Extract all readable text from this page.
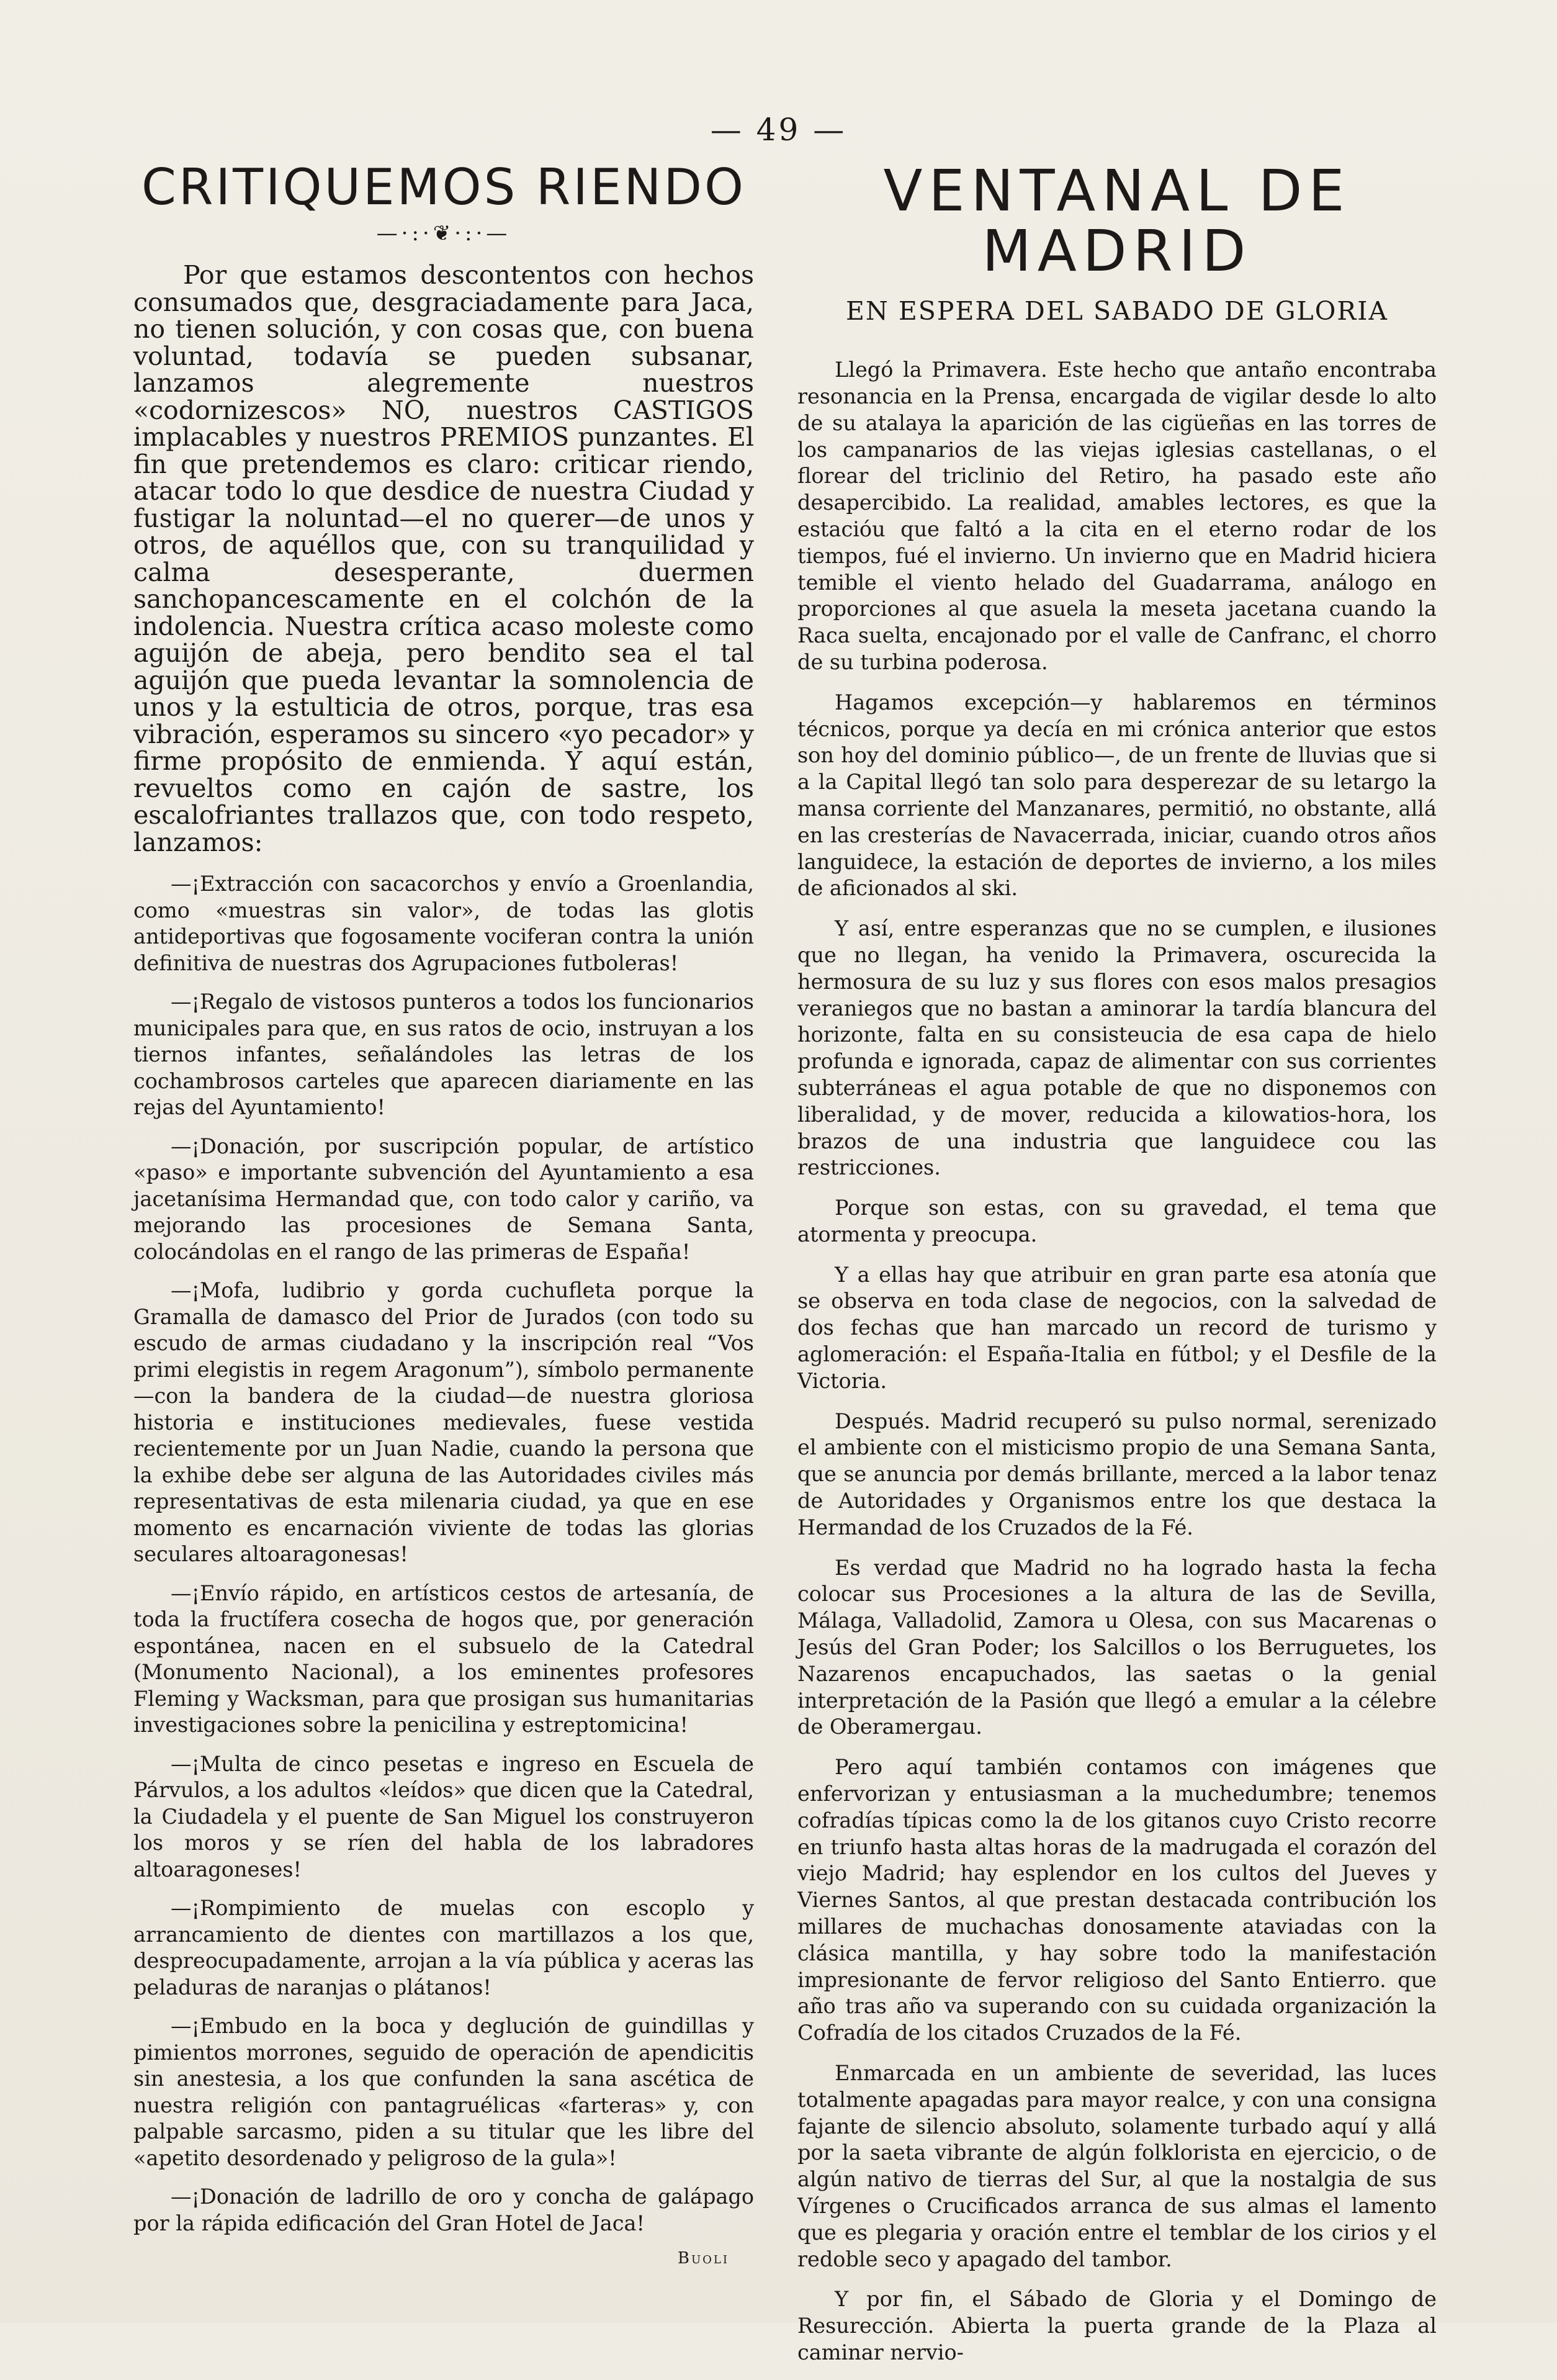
— 49 —
CRITIQUEMOS RIENDO
—·:·❦·:·—

Por que estamos descontentos con hechos consumados que, desgraciadamente para Jaca, no tienen solución, y con cosas que, con buena voluntad, todavía se pueden subsanar, lanzamos alegremente nuestros «codornizescos» NO, nuestros CASTIGOS implacables y nuestros PREMIOS punzantes. El fin que pretendemos es claro: criticar riendo, atacar todo lo que desdice de nuestra Ciudad y fustigar la noluntad—el no querer—de unos y otros, de aquéllos que, con su tranquilidad y calma desesperante, duermen sanchopancescamente en el colchón de la indolencia. Nuestra crítica acaso moleste como aguijón de abeja, pero bendito sea el tal aguijón que pueda levantar la somnolencia de unos y la estulticia de otros, porque, tras esa vibración, esperamos su sincero «yo pecador» y firme propósito de enmienda. Y aquí están, revueltos como en cajón de sastre, los escalofriantes trallazos que, con todo respeto, lanzamos:

—¡Extracción con sacacorchos y envío a Groenlandia, como «muestras sin valor», de todas las glotis antideportivas que fogosamente vociferan contra la unión definitiva de nuestras dos Agrupaciones futboleras!

—¡Regalo de vistosos punteros a todos los funcionarios municipales para que, en sus ratos de ocio, instruyan a los tiernos infantes, señalándoles las letras de los cochambrosos carteles que aparecen diariamente en las rejas del Ayuntamiento!

—¡Donación, por suscripción popular, de artístico «paso» e importante subvención del Ayuntamiento a esa jacetanísima Hermandad que, con todo calor y cariño, va mejorando las procesiones de Semana Santa, colocándolas en el rango de las primeras de España!

—¡Mofa, ludibrio y gorda cuchufleta porque la Gramalla de damasco del Prior de Jurados (con todo su escudo de armas ciudadano y la inscripción real “Vos primi elegistis in regem Aragonum”), símbolo permanente—con la bandera de la ciudad—de nuestra gloriosa historia e instituciones medievales, fuese vestida recientemente por un Juan Nadie, cuando la persona que la exhibe debe ser alguna de las Autoridades civiles más representativas de esta milenaria ciudad, ya que en ese momento es encarnación viviente de todas las glorias seculares altoaragonesas!

—¡Envío rápido, en artísticos cestos de artesanía, de toda la fructífera cosecha de hogos que, por generación espontánea, nacen en el subsuelo de la Catedral (Monumento Nacional), a los eminentes profesores Fleming y Wacksman, para que prosigan sus humanitarias investigaciones sobre la penicilina y estreptomicina!

—¡Multa de cinco pesetas e ingreso en Escuela de Párvulos, a los adultos «leídos» que dicen que la Catedral, la Ciudadela y el puente de San Miguel los construyeron los moros y se ríen del habla de los labradores altoaragoneses!

—¡Rompimiento de muelas con escoplo y arrancamiento de dientes con martillazos a los que, despreocupadamente, arrojan a la vía pública y aceras las peladuras de naranjas o plátanos!

—¡Embudo en la boca y deglución de guindillas y pimientos morrones, seguido de operación de apendicitis sin anestesia, a los que confunden la sana ascética de nuestra religión con pantagruélicas «farteras» y, con palpable sarcasmo, piden a su titular que les libre del «apetito desordenado y peligroso de la gula»!

—¡Donación de ladrillo de oro y concha de galápago por la rápida edificación del Gran Hotel de Jaca!

Buoli
VENTANAL DE MADRID
EN ESPERA DEL SABADO DE GLORIA

Llegó la Primavera. Este hecho que antaño encontraba resonancia en la Prensa, encargada de vigilar desde lo alto de su atalaya la aparición de las cigüeñas en las torres de los campanarios de las viejas iglesias castellanas, o el florear del triclinio del Retiro, ha pasado este año desapercibido. La realidad, amables lectores, es que la estacióu que faltó a la cita en el eterno rodar de los tiempos, fué el invierno. Un invierno que en Madrid hiciera temible el viento helado del Guadarrama, análogo en proporciones al que asuela la meseta jacetana cuando la Raca suelta, encajonado por el valle de Canfranc, el chorro de su turbina poderosa.

Hagamos excepción—y hablaremos en términos técnicos, porque ya decía en mi crónica anterior que estos son hoy del dominio público—, de un frente de lluvias que si a la Capital llegó tan solo para desperezar de su letargo la mansa corriente del Manzanares, permitió, no obstante, allá en las cresterías de Navacerrada, iniciar, cuando otros años languidece, la estación de deportes de invierno, a los miles de aficionados al ski.

Y así, entre esperanzas que no se cumplen, e ilusiones que no llegan, ha venido la Primavera, oscurecida la hermosura de su luz y sus flores con esos malos presagios veraniegos que no bastan a aminorar la tardía blancura del horizonte, falta en su consisteucia de esa capa de hielo profunda e ignorada, capaz de alimentar con sus corrientes subterráneas el agua potable de que no disponemos con liberalidad, y de mover, reducida a kilowatios-hora, los brazos de una industria que languidece cou las restricciones.

Porque son estas, con su gravedad, el tema que atormenta y preocupa.

Y a ellas hay que atribuir en gran parte esa atonía que se observa en toda clase de negocios, con la salvedad de dos fechas que han marcado un record de turismo y aglomeración: el España-Italia en fútbol; y el Desfile de la Victoria.

Después. Madrid recuperó su pulso normal, serenizado el ambiente con el misticismo propio de una Semana Santa, que se anuncia por demás brillante, merced a la labor tenaz de Autoridades y Organismos entre los que destaca la Hermandad de los Cruzados de la Fé.

Es verdad que Madrid no ha logrado hasta la fecha colocar sus Procesiones a la altura de las de Sevilla, Málaga, Valladolid, Zamora u Olesa, con sus Macarenas o Jesús del Gran Poder; los Salcillos o los Berruguetes, los Nazarenos encapuchados, las saetas o la genial interpretación de la Pasión que llegó a emular a la célebre de Oberamergau.

Pero aquí también contamos con imágenes que enfervorizan y entusiasman a la muchedumbre; tenemos cofradías típicas como la de los gitanos cuyo Cristo recorre en triunfo hasta altas horas de la madrugada el corazón del viejo Madrid; hay esplendor en los cultos del Jueves y Viernes Santos, al que prestan destacada contribución los millares de muchachas donosamente ataviadas con la clásica mantilla, y hay sobre todo la manifestación impresionante de fervor religioso del Santo Entierro. que año tras año va superando con su cuidada organización la Cofradía de los citados Cruzados de la Fé.

Enmarcada en un ambiente de severidad, las luces totalmente apagadas para mayor realce, y con una consigna fajante de silencio absoluto, solamente turbado aquí y allá por la saeta vibrante de algún folklorista en ejercicio, o de algún nativo de tierras del Sur, al que la nostalgia de sus Vírgenes o Crucificados arranca de sus almas el lamento que es plegaria y oración entre el temblar de los cirios y el redoble seco y apagado del tambor.

Y por fin, el Sábado de Gloria y el Domingo de Resurección. Abierta la puerta grande de la Plaza al caminar nervio-
